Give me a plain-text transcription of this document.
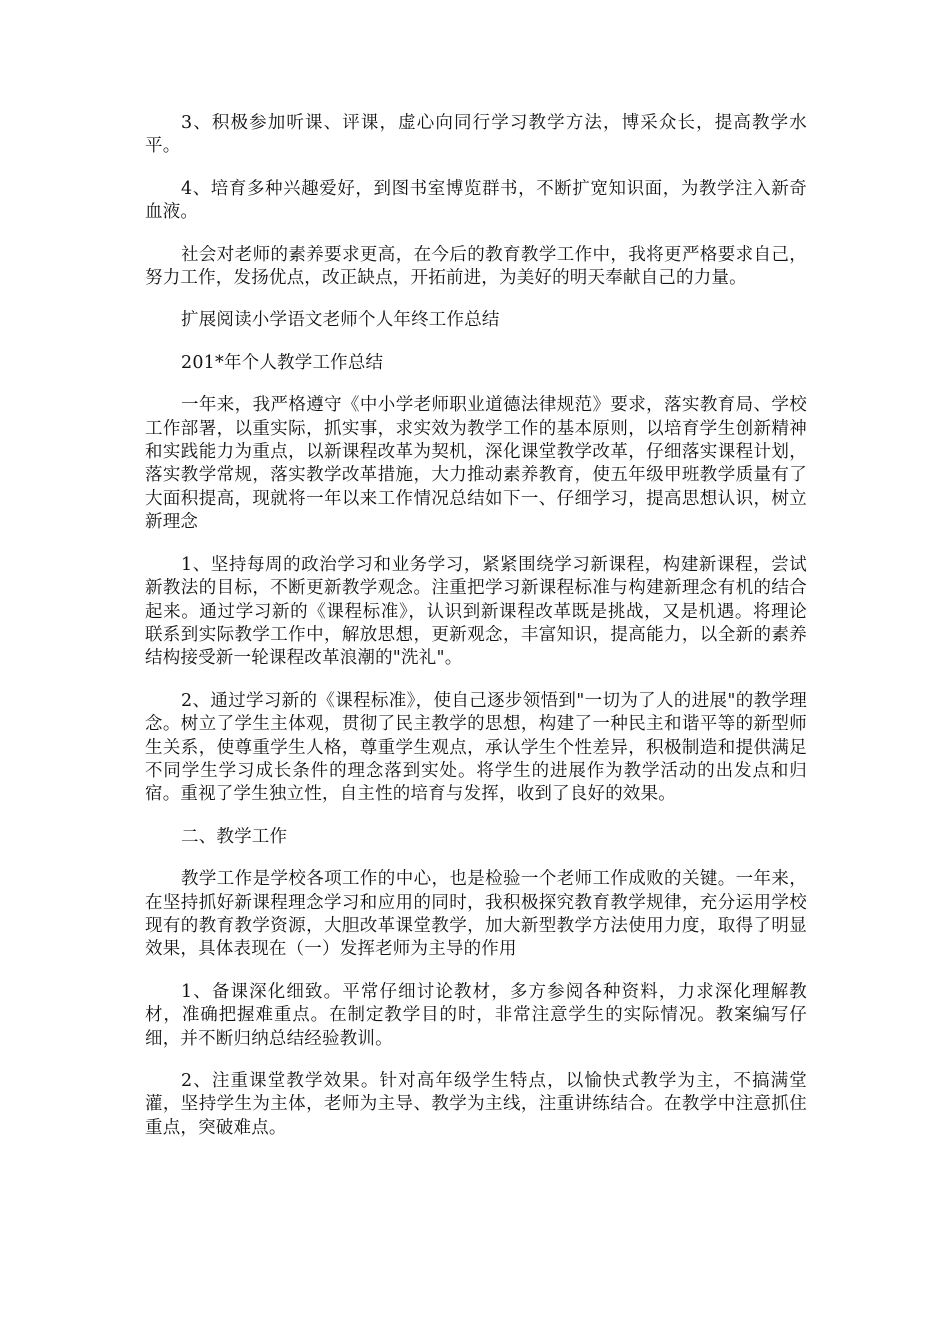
3、积极参加听课、评课，虚心向同行学习教学方法，博采众长，提高教学水平。

4、培育多种兴趣爱好，到图书室博览群书，不断扩宽知识面，为教学注入新奇血液。

社会对老师的素养要求更高，在今后的教育教学工作中，我将更严格要求自己，努力工作，发扬优点，改正缺点，开拓前进，为美好的明天奉献自己的力量。

扩展阅读小学语文老师个人年终工作总结

201*年个人教学工作总结

一年来，我严格遵守《中小学老师职业道德法律规范》要求，落实教育局、学校工作部署，以重实际，抓实事，求实效为教学工作的基本原则，以培育学生创新精神和实践能力为重点，以新课程改革为契机，深化课堂教学改革，仔细落实课程计划，落实教学常规，落实教学改革措施，大力推动素养教育，使五年级甲班教学质量有了大面积提高，现就将一年以来工作情况总结如下一、仔细学习，提高思想认识，树立新理念

1、坚持每周的政治学习和业务学习，紧紧围绕学习新课程，构建新课程，尝试新教法的目标，不断更新教学观念。注重把学习新课程标准与构建新理念有机的结合起来。通过学习新的《课程标准》，认识到新课程改革既是挑战，又是机遇。将理论联系到实际教学工作中，解放思想，更新观念，丰富知识，提高能力，以全新的素养结构接受新一轮课程改革浪潮的"洗礼"。

2、通过学习新的《课程标准》，使自己逐步领悟到"一切为了人的进展"的教学理念。树立了学生主体观，贯彻了民主教学的思想，构建了一种民主和谐平等的新型师生关系，使尊重学生人格，尊重学生观点，承认学生个性差异，积极制造和提供满足不同学生学习成长条件的理念落到实处。将学生的进展作为教学活动的出发点和归宿。重视了学生独立性，自主性的培育与发挥，收到了良好的效果。

二、教学工作

教学工作是学校各项工作的中心，也是检验一个老师工作成败的关键。一年来，在坚持抓好新课程理念学习和应用的同时，我积极探究教育教学规律，充分运用学校现有的教育教学资源，大胆改革课堂教学，加大新型教学方法使用力度，取得了明显效果，具体表现在（一）发挥老师为主导的作用

1、备课深化细致。平常仔细讨论教材，多方参阅各种资料，力求深化理解教材，准确把握难重点。在制定教学目的时，非常注意学生的实际情况。教案编写仔细，并不断归纳总结经验教训。

2、注重课堂教学效果。针对高年级学生特点，以愉快式教学为主，不搞满堂灌，坚持学生为主体，老师为主导、教学为主线，注重讲练结合。在教学中注意抓住重点，突破难点。
